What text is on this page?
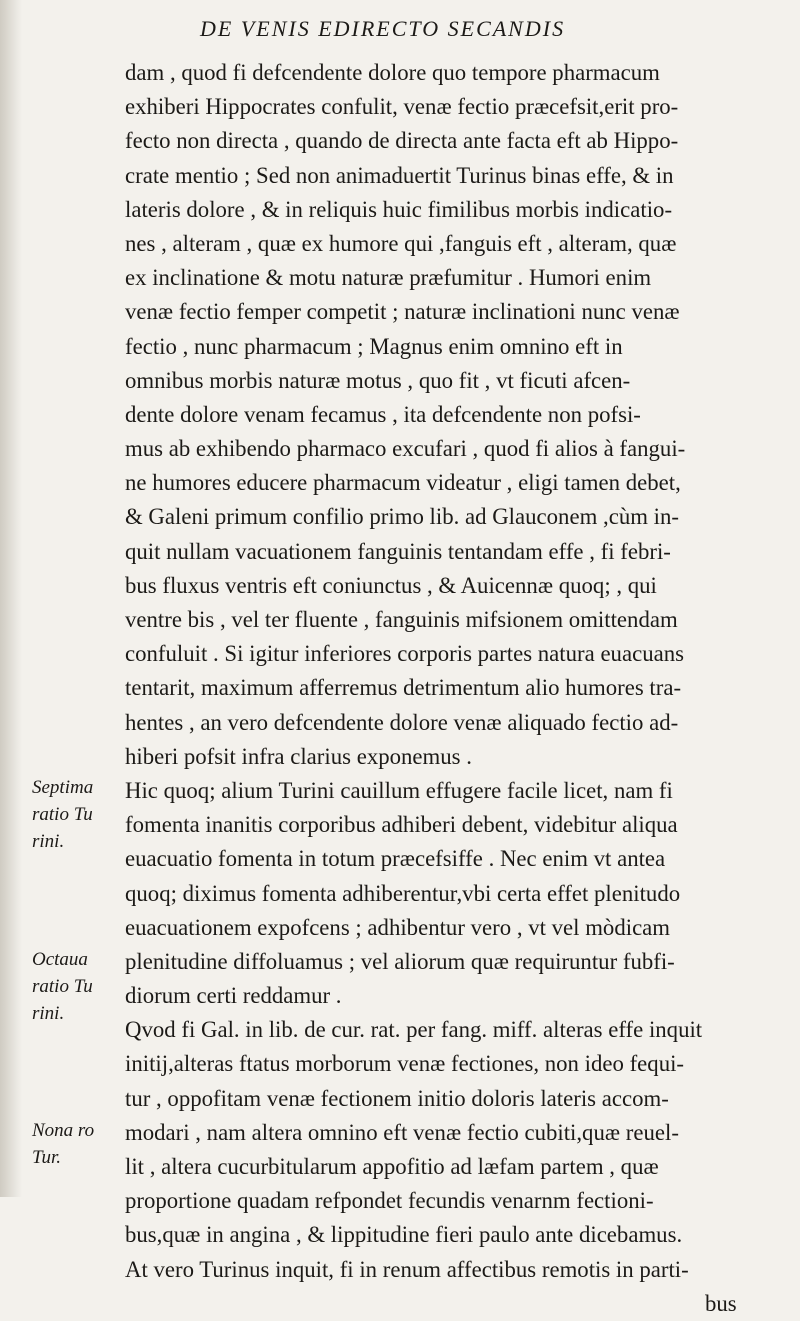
DE VENIS EDIRECTO SECANDIS
dam , quod fi defcendente dolore quo tempore pharmacum
exhiberi Hippocrates confulit, venæ fectio præcefsit,erit pro-
fecto non directa , quando de directa ante facta eft ab Hippo-
crate mentio ; Sed non animaduertit Turinus binas effe, & in
lateris dolore , & in reliquis huic fimilibus morbis indicatio-
nes , alteram , quæ ex humore qui ,fanguis eft , alteram, quæ
ex inclinatione & motu naturæ præfumitur . Humori enim
venæ fectio femper competit ; naturæ inclinationi nunc venæ
fectio , nunc pharmacum ; Magnus enim omnino eft in
omnibus morbis naturæ motus , quo fit , vt ficuti afcen-
dente dolore venam fecamus , ita defcendente non pofsi-
mus ab exhibendo pharmaco excufari , quod fi alios à fangui-
ne humores educere pharmacum videatur , eligi tamen debet,
& Galeni primum confilio primo lib. ad Glauconem ,cùm in-
quit nullam vacuationem fanguinis tentandam effe , fi febri-
bus fluxus ventris eft coniunctus , & Auicennæ quoq; , qui
ventre bis , vel ter fluente , fanguinis mifsionem omittendam
confuluit . Si igitur inferiores corporis partes natura euacuans
tentarit, maximum afferremus detrimentum alio humores tra-
hentes , an vero defcendente dolore venæ aliquado fectio ad-
hiberi pofsit infra clarius exponemus .
Hic quoq; alium Turini cauillum effugere facile licet, nam fi
fomenta inanitis corporibus adhiberi debent, videbitur aliqua
euacuatio fomenta in totum præcefsiffe . Nec enim vt antea
quoq; diximus fomenta adhiberentur,vbi certa effet plenitudo
euacuationem expofcens ; adhibentur vero , vt vel mòdicam
plenitudine diffoluamus ; vel aliorum quæ requiruntur fubfi-
diorum certi reddamur .
Qvod fi Gal. in lib. de cur. rat. per fang. miff. alteras effe inquit
initij,alteras ftatus morborum venæ fectiones, non ideo fequi-
tur , oppofitam venæ fectionem initio doloris lateris accom-
modari , nam altera omnino eft venæ fectio cubiti,quæ reuel-
lit , altera cucurbitularum appofitio ad læfam partem , quæ
proportione quadam refpondet fecundis venarnm fectioni-
bus,quæ in angina , & lippitudine fieri paulo ante dicebamus.
At vero Turinus inquit, fi in renum affectibus remotis in parti-
bus
Septima
ratio Tu
rini.
Octaua
ratio Tu
rini.
Nona ro
Tur.
